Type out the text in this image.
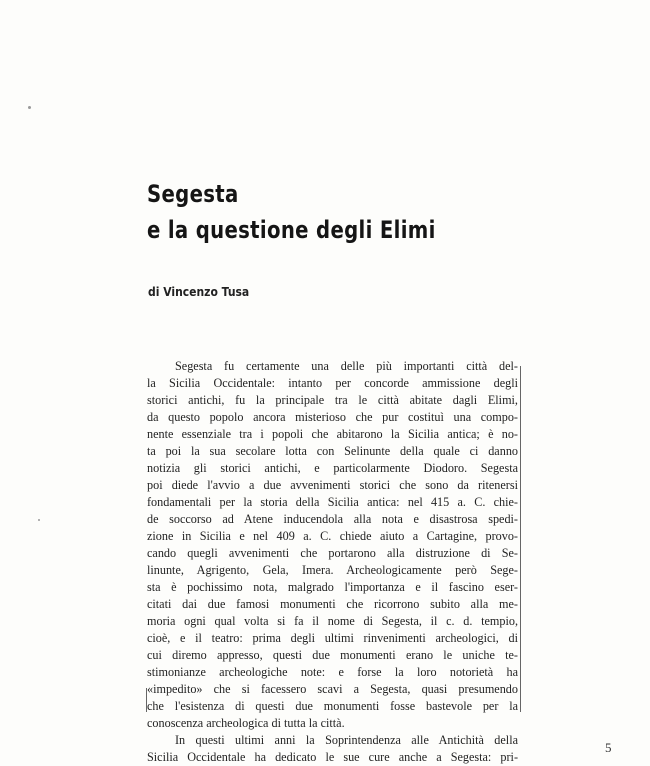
Segesta
e la questione degli Elimi
di Vincenzo Tusa
Segesta fu certamente una delle più importanti città del-
la Sicilia Occidentale: intanto per concorde ammissione degli
storici antichi, fu la principale tra le città abitate dagli Elimi,
da questo popolo ancora misterioso che pur costituì una compo-
nente essenziale tra i popoli che abitarono la Sicilia antica; è no-
ta poi la sua secolare lotta con Selinunte della quale ci danno
notizia gli storici antichi, e particolarmente Diodoro. Segesta
poi diede l'avvio a due avvenimenti storici che sono da ritenersi
fondamentali per la storia della Sicilia antica: nel 415 a. C. chie-
de soccorso ad Atene inducendola alla nota e disastrosa spedi-
zione in Sicilia e nel 409 a. C. chiede aiuto a Cartagine, provo-
cando quegli avvenimenti che portarono alla distruzione di Se-
linunte, Agrigento, Gela, Imera. Archeologicamente però Sege-
sta è pochissimo nota, malgrado l'importanza e il fascino eser-
citati dai due famosi monumenti che ricorrono subito alla me-
moria ogni qual volta si fa il nome di Segesta, il c. d. tempio,
cioè, e il teatro: prima degli ultimi rinvenimenti archeologici, di
cui diremo appresso, questi due monumenti erano le uniche te-
stimonianze archeologiche note: e forse la loro notorietà ha
«impedito» che si facessero scavi a Segesta, quasi presumendo
che l'esistenza di questi due monumenti fosse bastevole per la
conoscenza archeologica di tutta la città.
In questi ultimi anni la Soprintendenza alle Antichità della
Sicilia Occidentale ha dedicato le sue cure anche a Segesta: pri-
5
